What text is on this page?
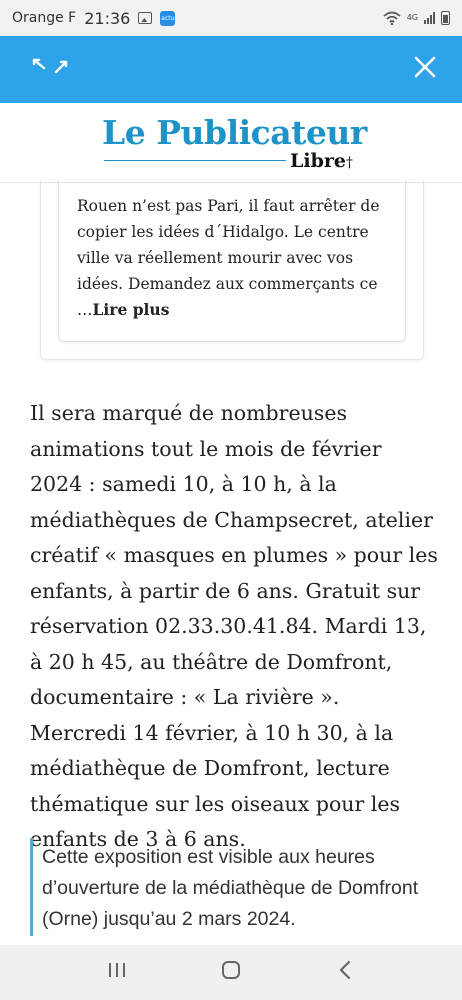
Orange F 21:36	actu	4G
Le Publicateur
Libre†

Rouen n’est pas Pari, il faut arrêter de copier les idées d´Hidalgo. Le centre ville va réellement mourir avec vos idées. Demandez aux commerçants ce …Lire plus

Il sera marqué de nombreuses animations tout le mois de février 2024 : samedi 10, à 10 h, à la médiathèques de Champsecret, atelier créatif « masques en plumes » pour les enfants, à partir de 6 ans. Gratuit sur réservation 02.33.30.41.84. Mardi 13, à 20 h 45, au théâtre de Domfront, documentaire : « La rivière ». Mercredi 14 février, à 10 h 30, à la médiathèque de Domfront, lecture thématique sur les oiseaux pour les enfants de 3 à 6 ans.

Cette exposition est visible aux heures d’ouverture de la médiathèque de Domfront (Orne) jusqu’au 2 mars 2024.
